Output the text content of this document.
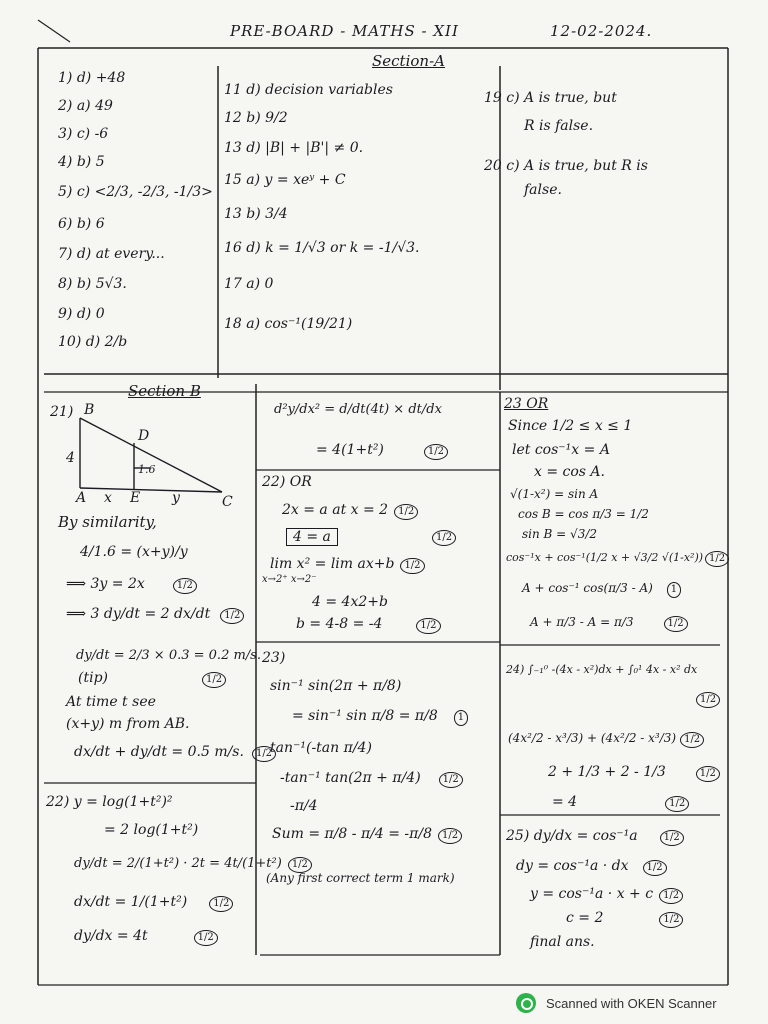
PRE-BOARD - MATHS - XII	12-02-2024.
Section-A
1) d) +48
2) a) 49
3) c) -6
4) b) 5
5) c) <2/3, -2/3, -1/3>
6) b) 6
7) d) at every...
8) b) 5√3.
9) d) 0
10) d) 2/b
11 d) decision variables
12 b) 9/2
13 d) |B| + |B'| ≠ 0.
15 a) y = xeʸ + C
13 b) 3/4
16 d) k = 1/√3 or k = -1/√3.
17 a) 0
18 a) cos⁻¹(19/21)
19 c) A is true, but
R is false.
20 c) A is true, but R is
false.
Section B
B
D
4
1.6
A x E y	C
21)
By similarity,
4/1.6 = (x+y)/y
⟹ 3y = 2x	1/2
⟹ 3 dy/dt = 2 dx/dt 1/2
dy/dt = 2/3 × 0.3 = 0.2 m/s.
(tip)	1/2
At time t see
(x+y) m from AB.
dx/dt + dy/dt = 0.5 m/s. 1/2
22) y = log(1+t²)²
= 2 log(1+t²)
dy/dt = 2/(1+t²) · 2t = 4t/(1+t²) 1/2
dx/dt = 1/(1+t²)	1/2
dy/dx = 4t	1/2
d²y/dx² = d/dt(4t) × dt/dx
= 4(1+t²)	1/2
22) OR
2x = a at x = 2 1/2
4 = a	1/2
lim x² = lim ax+b 1/2
x→2⁺ x→2⁻
4 = 4x2+b
b = 4-8 = -4	1/2
23)
sin⁻¹ sin(2π + π/8)
= sin⁻¹ sin π/8 = π/8 1
tan⁻¹(-tan π/4)
-tan⁻¹ tan(2π + π/4) 1/2
-π/4
Sum = π/8 - π/4 = -π/8 1/2
(Any first correct term 1 mark)
23 OR
Since 1/2 ≤ x ≤ 1
let cos⁻¹x = A
x = cos A.
√(1-x²) = sin A
cos B = cos π/3 = 1/2
sin B = √3/2
cos⁻¹x + cos⁻¹(1/2 x + √3/2 √(1-x²)) 1/2
A + cos⁻¹ cos(π/3 - A) 1
A + π/3 - A = π/3	1/2
24) ∫₋₁⁰ -(4x - x²)dx + ∫₀¹ 4x - x² dx
1/2
(4x²/2 - x³/3) + (4x²/2 - x³/3) 1/2
2 + 1/3 + 2 - 1/3	1/2
= 4	1/2
25) dy/dx = cos⁻¹a	1/2
dy = cos⁻¹a · dx 1/2
y = cos⁻¹a · x + c 1/2
c = 2	1/2
final ans.
Scanned with OKEN Scanner
